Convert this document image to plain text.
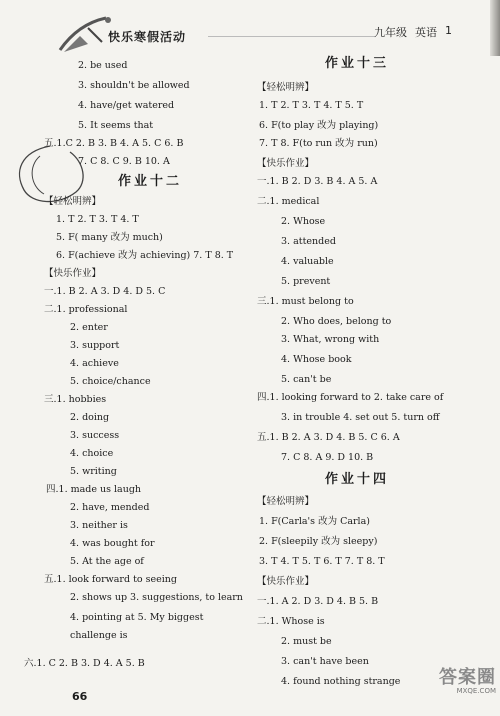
快乐寒假活动	九年级 英语 1
2. be used
3. shouldn't be allowed
4. have/get watered
5. It seems that
五.1.C 2. B 3. B 4. A 5. C 6. B
7. C 8. C 9. B 10. A
作业十二
【轻松明辨】
1. T 2. T 3. T 4. T
5. F( many 改为 much)
6. F(achieve 改为 achieving) 7. T 8. T
【快乐作业】
一.1. B 2. A 3. D 4. D 5. C
二.1. professional
2. enter
3. support
4. achieve
5. choice/chance
三.1. hobbies
2. doing
3. success
4. choice
5. writing
四.1. made us laugh
2. have, mended
3. neither is
4. was bought for
5. At the age of
五.1. look forward to seeing
2. shows up 3. suggestions, to learn
4. pointing at 5. My biggest
challenge is
六.1. C 2. B 3. D 4. A 5. B
作业十三
【轻松明辨】
1. T 2. T 3. T 4. T 5. T
6. F(to play 改为 playing)
7. T 8. F(to run 改为 run)
【快乐作业】
一.1. B 2. D 3. B 4. A 5. A
二.1. medical
2. Whose
3. attended
4. valuable
5. prevent
三.1. must belong to
2. Who does, belong to
3. What, wrong with
4. Whose book
5. can't be
四.1. looking forward to 2. take care of
3. in trouble 4. set out 5. turn off
五.1. B 2. A 3. D 4. B 5. C 6. A
7. C 8. A 9. D 10. B
作业十四
【轻松明辨】
1. F(Carla's 改为 Carla)
2. F(sleepily 改为 sleepy)
3. T 4. T 5. T 6. T 7. T 8. T
【快乐作业】
一.1. A 2. D 3. D 4. B 5. B
二.1. Whose is
2. must be
3. can't have been
4. found nothing strange
66
答案圈
MXQE.COM
